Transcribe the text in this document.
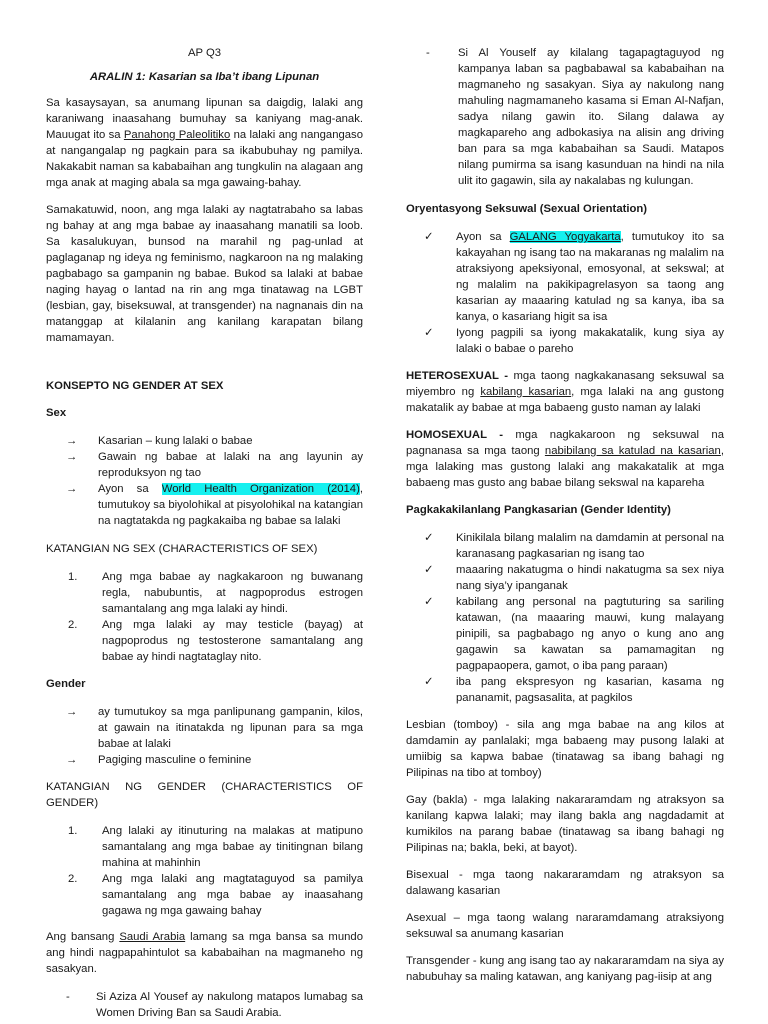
AP Q3

ARALIN 1: Kasarian sa Iba’t ibang Lipunan

Sa kasaysayan, sa anumang lipunan sa daigdig, lalaki ang karaniwang inaasahang bumuhay sa kaniyang mag-anak. Mauugat ito sa Panahong Paleolitiko na lalaki ang nangangaso at nangangalap ng pagkain para sa ikabubuhay ng pamilya. Nakakabit naman sa kababaihan ang tungkulin na alagaan ang mga anak at maging abala sa mga gawaing-bahay.

Samakatuwid, noon, ang mga lalaki ay nagtatrabaho sa labas ng bahay at ang mga babae ay inaasahang manatili sa loob. Sa kasalukuyan, bunsod na marahil ng pag-unlad at paglaganap ng ideya ng feminismo, nagkaroon na ng malaking pagbabago sa gampanin ng babae. Bukod sa lalaki at babae naging hayag o lantad na rin ang mga tinatawag na LGBT (lesbian, gay, biseksuwal, at transgender) na nagnanais din na matanggap at kilalanin ang kanilang karapatan bilang mamamayan.

KONSEPTO NG GENDER AT SEX

Sex

→	Kasarian – kung lalaki o babae
→	Gawain ng babae at lalaki na ang layunin ay reproduksyon ng tao
→	Ayon sa World Health Organization (2014), tumutukoy sa biyolohikal at pisyolohikal na katangian na nagtatakda ng pagkakaiba ng babae sa lalaki

KATANGIAN NG SEX (CHARACTERISTICS OF SEX)

1.	Ang mga babae ay nagkakaroon ng buwanang regla, nabubuntis, at nagpoprodus estrogen samantalang ang mga lalaki ay hindi.
2.	Ang mga lalaki ay may testicle (bayag) at nagpoprodus ng testosterone samantalang ang babae ay hindi nagtataglay nito.

Gender

→	ay tumutukoy sa mga panlipunang gampanin, kilos, at gawain na itinatakda ng lipunan para sa mga babae at lalaki
→	Pagiging masculine o feminine

KATANGIAN NG GENDER (CHARACTERISTICS OF GENDER)

1.	Ang lalaki ay itinuturing na malakas at matipuno samantalang ang mga babae ay tinitingnan bilang mahina at mahinhin
2.	Ang mga lalaki ang magtataguyod sa pamilya samantalang ang mga babae ay inaasahang gagawa ng mga gawaing bahay

Ang bansang Saudi Arabia lamang sa mga bansa sa mundo ang hindi nagpapahintulot sa kababaihan na magmaneho ng sasakyan.

-	Si Aziza Al Yousef ay nakulong matapos lumabag sa Women Driving Ban sa Saudi Arabia.
-	Si Al Youself ay kilalang tagapagtaguyod ng kampanya laban sa pagbabawal sa kababaihan na magmaneho ng sasakyan. Siya ay nakulong nang mahuling nagmamaneho kasama si Eman Al-Nafjan, sadya nilang gawin ito. Silang dalawa ay magkapareho ang adbokasiya na alisin ang driving ban para sa mga kababaihan sa Saudi. Matapos nilang pumirma sa isang kasunduan na hindi na nila ulit ito gagawin, sila ay nakalabas ng kulungan.

Oryentasyong Seksuwal (Sexual Orientation)

✓	Ayon sa GALANG Yogyakarta, tumutukoy ito sa kakayahan ng isang tao na makaranas ng malalim na atraksiyong apeksiyonal, emosyonal, at sekswal; at ng malalim na pakikipagrelasyon sa taong ang kasarian ay maaaring katulad ng sa kanya, iba sa kanya, o kasariang higit sa isa
✓	Iyong pagpili sa iyong makakatalik, kung siya ay lalaki o babae o pareho

HETEROSEXUAL - mga taong nagkakanasang seksuwal sa miyembro ng kabilang kasarian, mga lalaki na ang gustong makatalik ay babae at mga babaeng gusto naman ay lalaki

HOMOSEXUAL - mga nagkakaroon ng seksuwal na pagnanasa sa mga taong nabibilang sa katulad na kasarian, mga lalaking mas gustong lalaki ang makakatalik at mga babaeng mas gusto ang babae bilang sekswal na kapareha

Pagkakakilanlang Pangkasarian (Gender Identity)

✓	Kinikilala bilang malalim na damdamin at personal na karanasang pagkasarian ng isang tao
✓	maaaring nakatugma o hindi nakatugma sa sex niya nang siya’y ipanganak
✓	kabilang ang personal na pagtuturing sa sariling katawan, (na maaaring mauwi, kung malayang pinipili, sa pagbabago ng anyo o kung ano ang gagawin sa kawatan sa pamamagitan ng pagpapaopera, gamot, o iba pang paraan)
✓	iba pang ekspresyon ng kasarian, kasama ng pananamit, pagsasalita, at pagkilos

Lesbian (tomboy) - sila ang mga babae na ang kilos at damdamin ay panlalaki; mga babaeng may pusong lalaki at umiibig sa kapwa babae (tinatawag sa ibang bahagi ng Pilipinas na tibo at tomboy)

Gay (bakla) - mga lalaking nakararamdam ng atraksyon sa kanilang kapwa lalaki; may ilang bakla ang nagdadamit at kumikilos na parang babae (tinatawag sa ibang bahagi ng Pilipinas na; bakla, beki, at bayot).

Bisexual - mga taong nakararamdam ng atraksyon sa dalawang kasarian

Asexual – mga taong walang nararamdamang atraksiyong seksuwal sa anumang kasarian

Transgender - kung ang isang tao ay nakararamdam na siya ay nabubuhay sa maling katawan, ang kaniyang pag-iisip at ang
